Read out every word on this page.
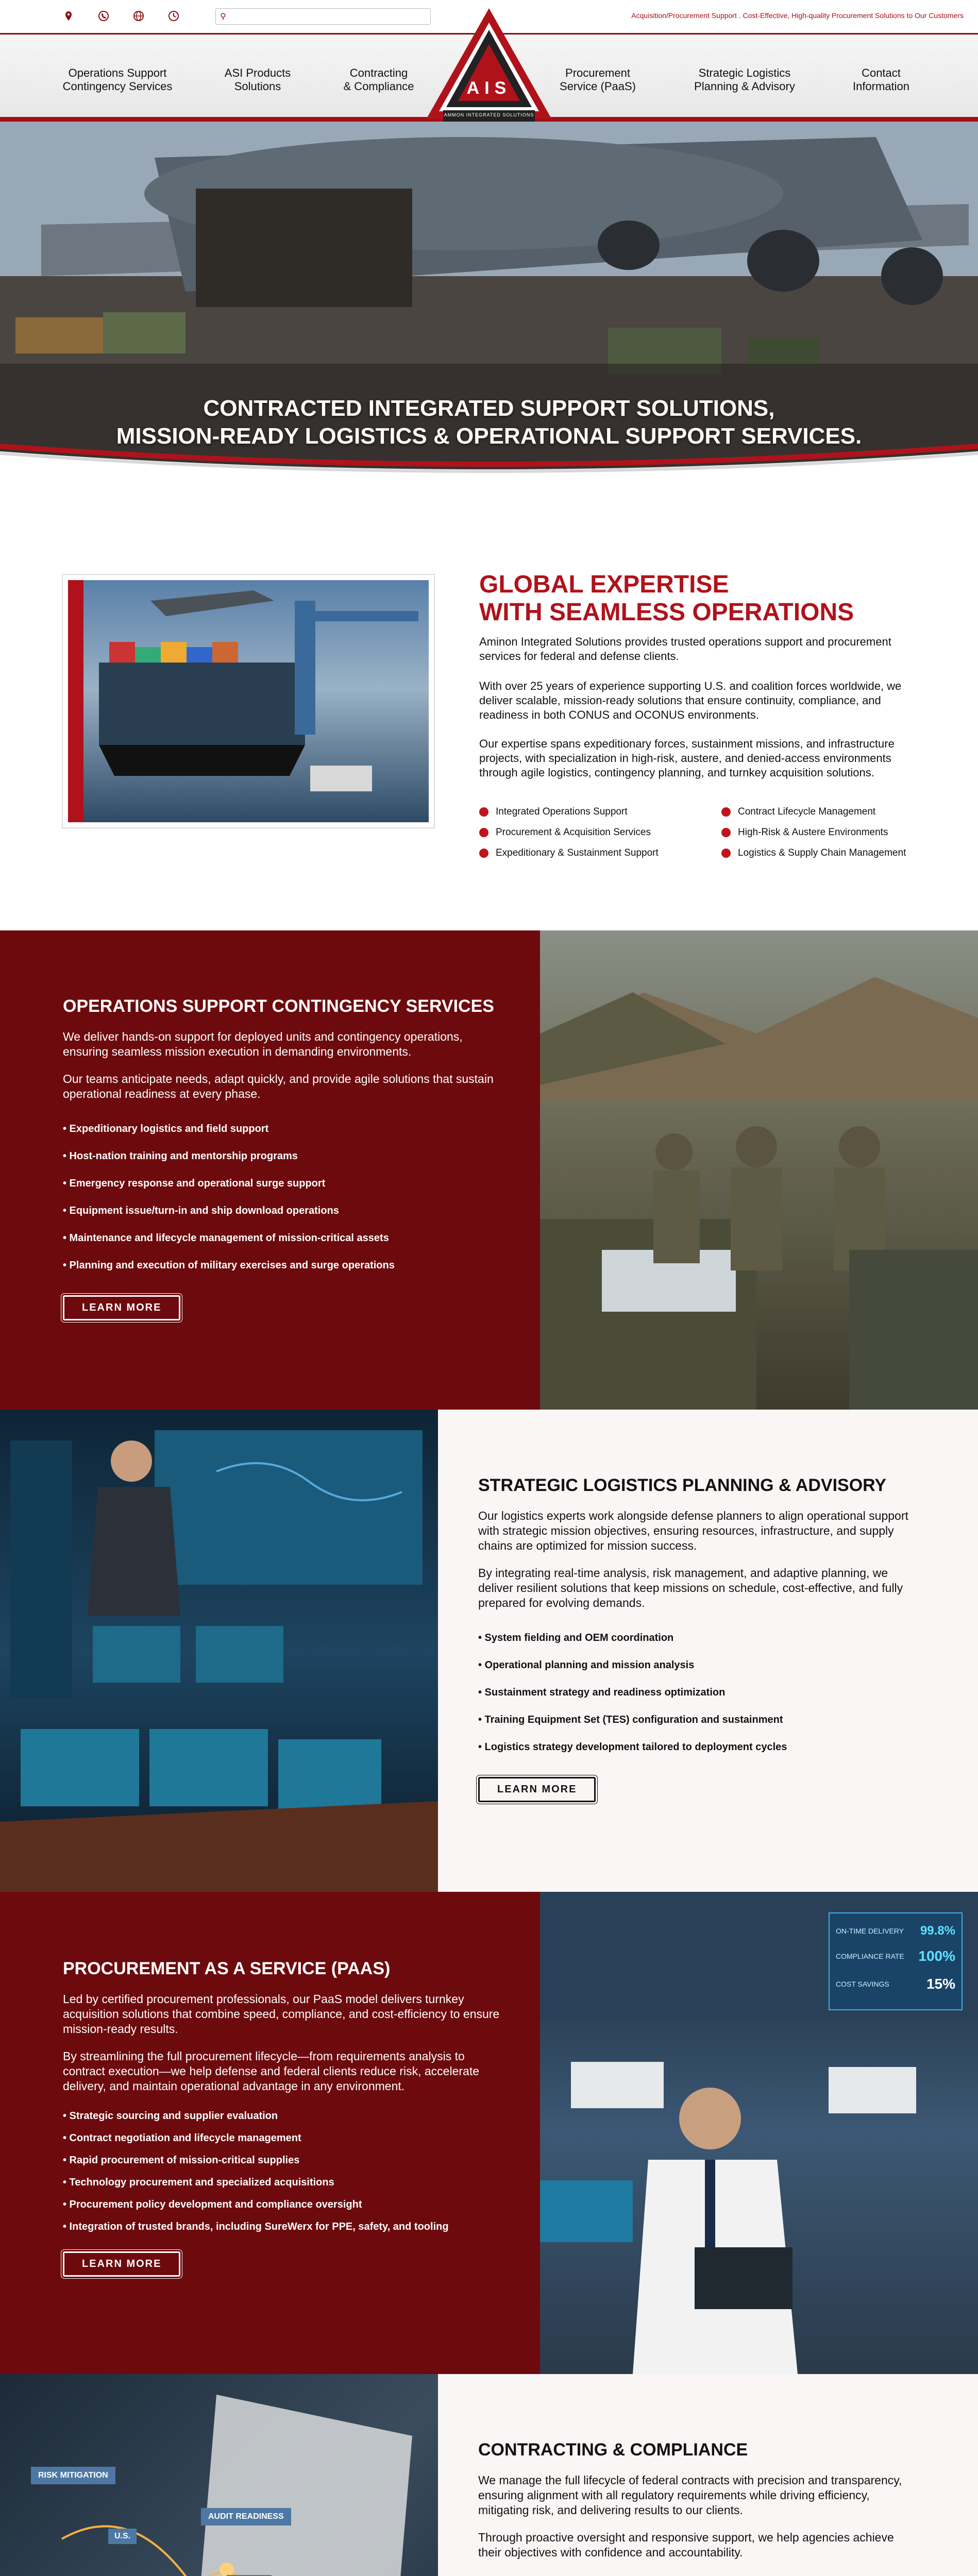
⚲	Acquisition/Procurement Support . Cost-Effective, High-quality Procurement Solutions to Our Customers
Operations Support
Contingency Services
ASI Products
Solutions
Contracting
& Compliance
Procurement
Service (PaaS)
Strategic Logistics
Planning & Advisory
Contact
Information
AIS
AMMON INTEGRATED SOLUTIONS
CONTRACTED INTEGRATED SUPPORT SOLUTIONS,
MISSION-READY LOGISTICS & OPERATIONAL SUPPORT SERVICES.
GLOBAL EXPERTISE
WITH SEAMLESS OPERATIONS

Aminon Integrated Solutions provides trusted operations support and procurement services for federal and defense clients.

With over 25 years of experience supporting U.S. and coalition forces worldwide, we deliver scalable, mission-ready solutions that ensure continuity, compliance, and readiness in both CONUS and OCONUS environments.

Our expertise spans expeditionary forces, sustainment missions, and infrastructure projects, with specialization in high-risk, austere, and denied-access environments through agile logistics, contingency planning, and turnkey acquisition solutions.

Integrated Operations Support	Contract Lifecycle Management
Procurement & Acquisition Services	High-Risk & Austere Environments
Expeditionary & Sustainment Support	Logistics & Supply Chain Management
OPERATIONS SUPPORT CONTINGENCY SERVICES

We deliver hands-on support for deployed units and contingency operations, ensuring seamless mission execution in demanding environments.

Our teams anticipate needs, adapt quickly, and provide agile solutions that sustain operational readiness at every phase.

• Expeditionary logistics and field support
• Host-nation training and mentorship programs
• Emergency response and operational surge support
• Equipment issue/turn-in and ship download operations
• Maintenance and lifecycle management of mission-critical assets
• Planning and execution of military exercises and surge operations
LEARN MORE
STRATEGIC LOGISTICS PLANNING & ADVISORY

Our logistics experts work alongside defense planners to align operational support with strategic mission objectives, ensuring resources, infrastructure, and supply chains are optimized for mission success.

By integrating real-time analysis, risk management, and adaptive planning, we deliver resilient solutions that keep missions on schedule, cost-effective, and fully prepared for evolving demands.

• System fielding and OEM coordination
• Operational planning and mission analysis
• Sustainment strategy and readiness optimization
• Training Equipment Set (TES) configuration and sustainment
• Logistics strategy development tailored to deployment cycles
LEARN MORE
PROCUREMENT AS A SERVICE (PAAS)

Led by certified procurement professionals, our PaaS model delivers turnkey acquisition solutions that combine speed, compliance, and cost-efficiency to ensure mission-ready results.

By streamlining the full procurement lifecycle—from requirements analysis to contract execution—we help defense and federal clients reduce risk, accelerate delivery, and maintain operational advantage in any environment.

• Strategic sourcing and supplier evaluation
• Contract negotiation and lifecycle management
• Rapid procurement of mission-critical supplies
• Technology procurement and specialized acquisitions
• Procurement policy development and compliance oversight
• Integration of trusted brands, including SureWerx for PPE, safety, and tooling
LEARN MORE
ON-TIME DELIVERY 99.8%
COMPLIANCE RATE 100%
COST SAVINGS	15%
RISK MITIGATION
AUDIT READINESS
U.S.
CONTRACTING & COMPLIANCE

We manage the full lifecycle of federal contracts with precision and transparency, ensuring alignment with all regulatory requirements while driving efficiency, mitigating risk, and delivering results to our clients.

Through proactive oversight and responsive support, we help agencies achieve their objectives with confidence and accountability.
